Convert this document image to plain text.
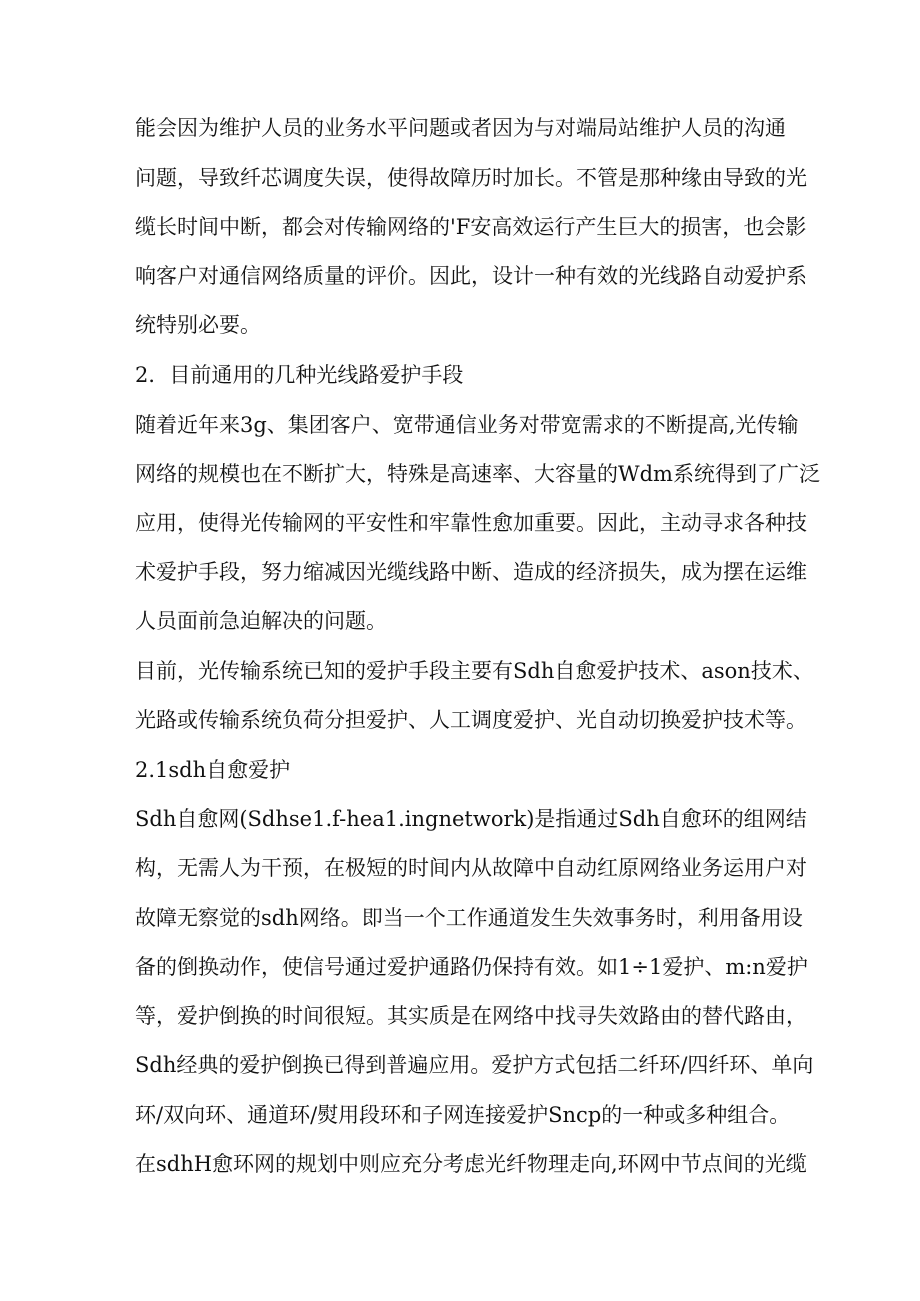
能会因为维护人员的业务水平问题或者因为与对端局站维护人员的沟通
问题，导致纤芯调度失误，使得故障历时加长。不管是那种缘由导致的光
缆长时间中断，都会对传输网络的'F安高效运行产生巨大的损害，也会影
响客户对通信网络质量的评价。因此，设计一种有效的光线路自动爱护系
统特别必要。
2．目前通用的几种光线路爱护手段
随着近年来3g、集团客户、宽带通信业务对带宽需求的不断提高,光传输
网络的规模也在不断扩大，特殊是高速率、大容量的Wdm系统得到了广泛
应用，使得光传输网的平安性和牢靠性愈加重要。因此，主动寻求各种技
术爱护手段，努力缩减因光缆线路中断、造成的经济损失，成为摆在运维
人员面前急迫解决的问题。
目前，光传输系统已知的爱护手段主要有Sdh自愈爱护技术、ason技术、
光路或传输系统负荷分担爱护、人工调度爱护、光自动切换爱护技术等。
2.1sdh自愈爱护
Sdh自愈网(Sdhse1.f-hea1.ingnetwork)是指通过Sdh自愈环的组网结
构，无需人为干预，在极短的时间内从故障中自动红原网络业务运用户对
故障无察觉的sdh网络。即当一个工作通道发生失效事务时，利用备用设
备的倒换动作，使信号通过爱护通路仍保持有效。如1÷1爱护、m:n爱护
等，爱护倒换的时间很短。其实质是在网络中找寻失效路由的替代路由，
Sdh经典的爱护倒换已得到普遍应用。爱护方式包括二纤环/四纤环、单向
环/双向环、通道环/熨用段环和子网连接爱护Sncp的一种或多种组合。
在sdhH愈环网的规划中则应充分考虑光纤物理走向,环网中节点间的光缆
